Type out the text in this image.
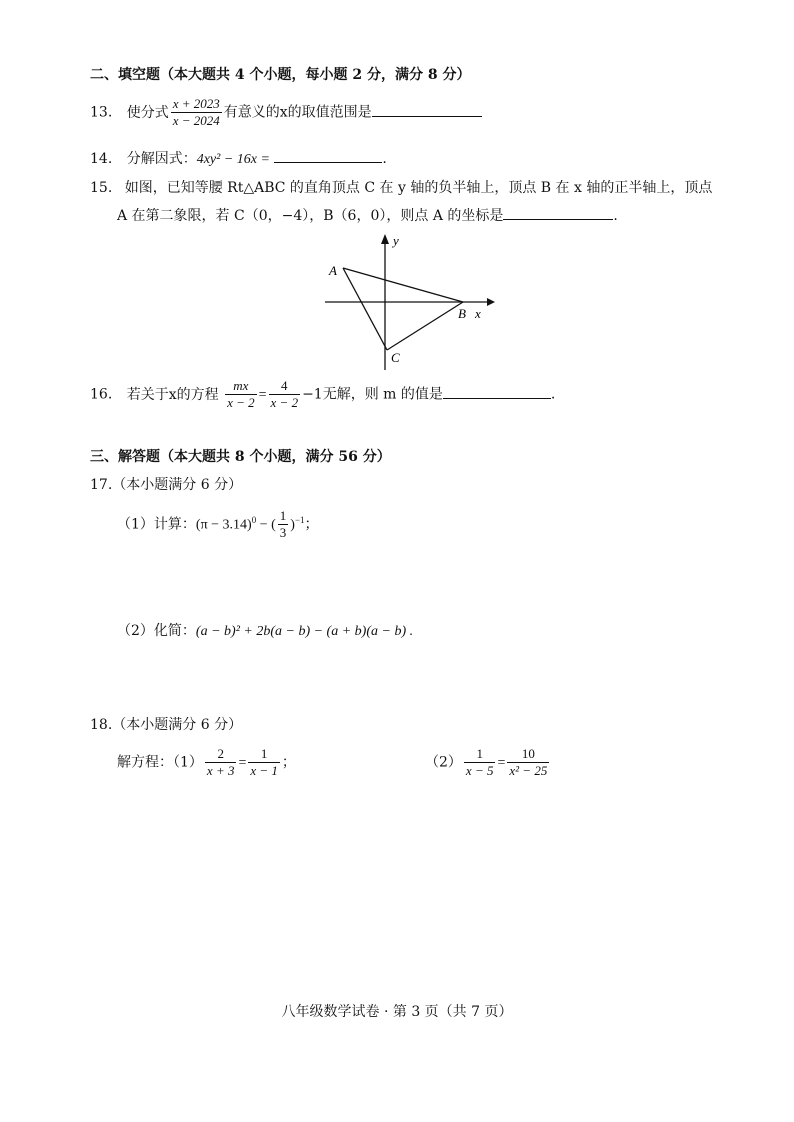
二、填空题（本大题共 4 个小题，每小题 2 分，满分 8 分）
13. 使分式 $\frac{x + 2023}{x - 2024}$ 有意义的x的取值范围是
14. 分解因式：4xy² − 16x =	.
15. 如图，已知等腰 Rt△ABC 的直角顶点 C 在 y 轴的负半轴上，顶点 B 在 x 轴的正半轴上，顶点
A 在第二象限，若 C（0，−4），B（6，0），则点 A 的坐标是	.
y
x
A
B
C
16. 若关于x的方程 $\frac{mx}{x - 2} = \frac{4}{x - 2} -1$无解，则 m 的值是	.
三、解答题（本大题共 8 个小题，满分 56 分）
17.（本小题满分 6 分）
（1）计算：$(\pi - 3.14)^0$ − ( $\frac{1}{3} )^{-1}$；
（2）化简：(a − b)² + 2b(a − b) − (a + b)(a − b) .
18.（本小题满分 6 分）
解方程：$(1) \frac{2}{x + 3} = \frac{1}{x - 1}$ ；	$(2) \frac{1}{x - 5} = \frac{10}{\text{x² − 25}}$
八年级数学试卷 · 第 3 页（共 7 页）
